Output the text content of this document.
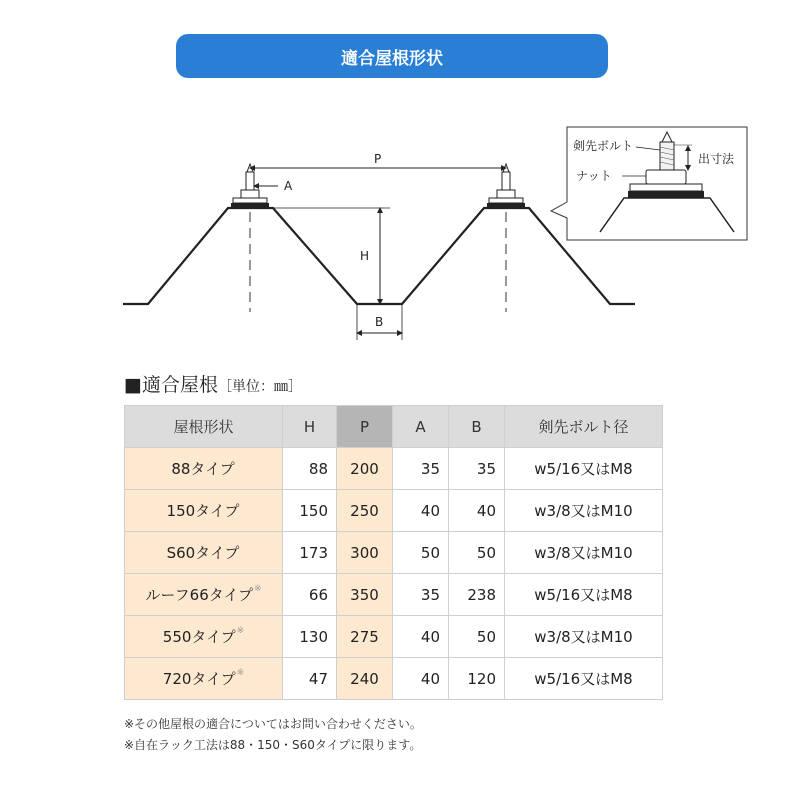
適合屋根形状
P
A
H
B
剣先ボルト
ナット
出寸法
■適合屋根［単位：㎜］
屋根形状	H	P	A	B	剣先ボルト径
88タイプ	88	200	35	35	w5/16又はM8
150タイプ	150	250	40	40	w3/8又はM10
S60タイプ	173	300	50	50	w3/8又はM10
ルーフ66タイプ※	66	350	35	238	w5/16又はM8
550タイプ※	130	275	40	50	w3/8又はM10
720タイプ※	47	240	40	120	w5/16又はM8
※その他屋根の適合についてはお問い合わせください。
※自在ラック工法は88・150・S60タイプに限ります。
